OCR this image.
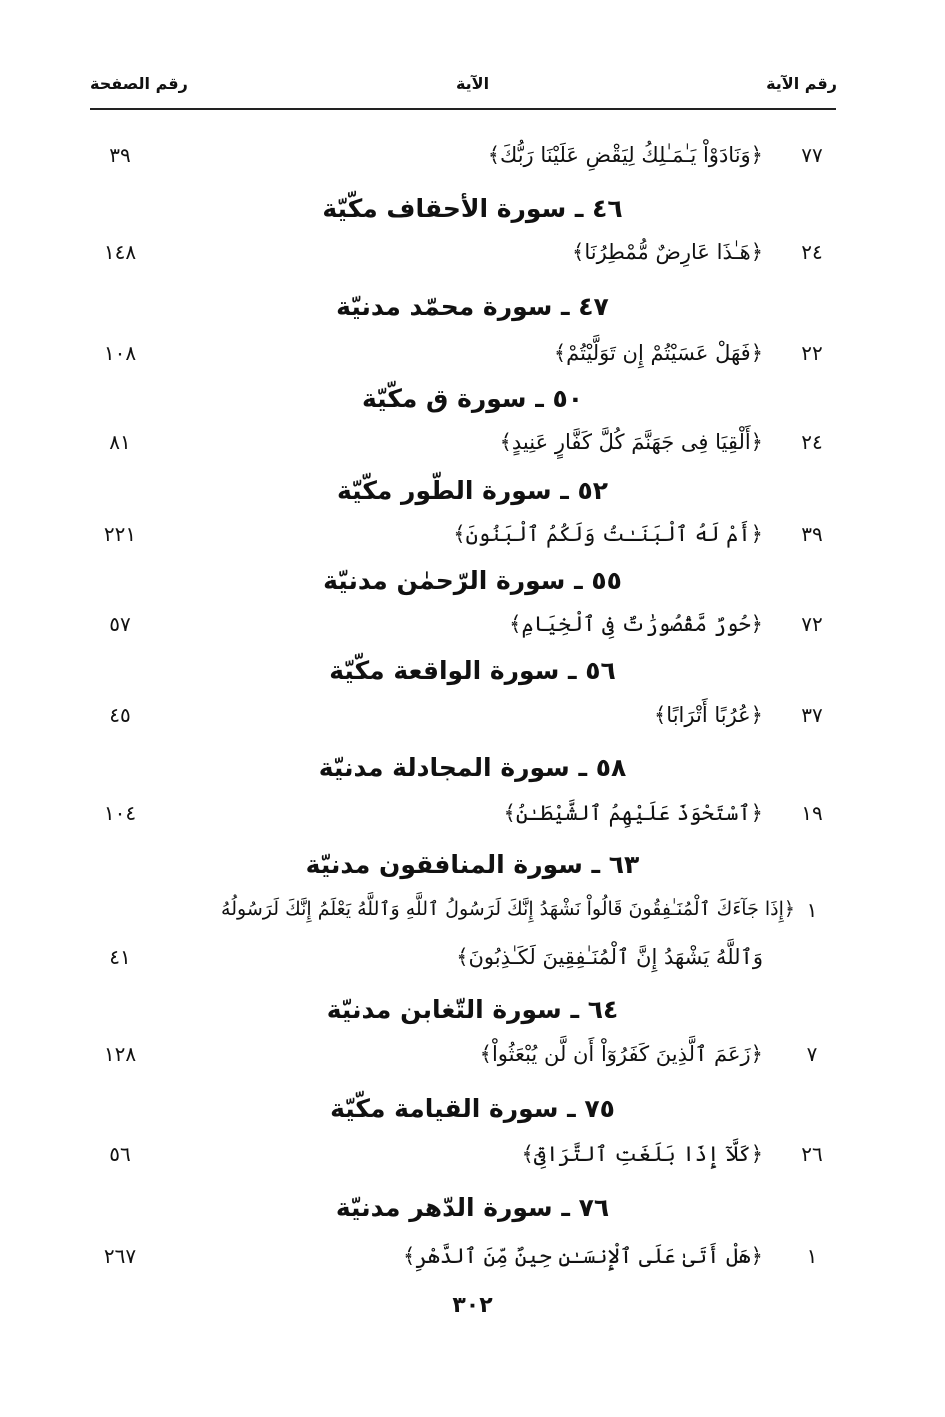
رقم الآية
الآية
رقم الصفحة
٧٧
﴿وَنَادَوْاْ يَـٰمَـٰلِكُ لِيَقْضِ عَلَيْنَا رَبُّكَ﴾
٣٩
٤٦ ـ سورة الأحقاف مكّيّة
٢٤
﴿هَـٰذَا عَارِضٌ مُّمْطِرُنَا﴾
١٤٨
٤٧ ـ سورة محمّد مدنيّة
٢٢
﴿فَهَلْ عَسَيْتُمْ إِن تَوَلَّيْتُمْ﴾
١٠٨
٥٠ ـ سورة ق مكّيّة
٢٤
﴿أَلْقِيَا فِى جَهَنَّمَ كُلَّ كَفَّارٍ عَنِيدٍ﴾
٨١
٥٢ ـ سورة الطّور مكّيّة
٣٩
﴿أَمْ لَهُ ٱلْبَنَـٰتُ وَلَكُمُ ٱلْبَنُونَ﴾
٢٢١
٥٥ ـ سورة الرّحمٰن مدنيّة
٧٢
﴿حُورٌ مَّقْصُورَٰتٌ فِى ٱلْخِيَامِ﴾
٥٧
٥٦ ـ سورة الواقعة مكّيّة
٣٧
﴿عُرُبًا أَتْرَابًا﴾
٤٥
٥٨ ـ سورة المجادلة مدنيّة
١٩
﴿ٱسْتَحْوَذَ عَلَيْهِمُ ٱلشَّيْطَـٰنُ﴾
١٠٤
٦٣ ـ سورة المنافقون مدنيّة
١
﴿إِذَا جَآءَكَ ٱلْمُنَـٰفِقُونَ قَالُواْ نَشْهَدُ إِنَّكَ لَرَسُولُ ٱللَّهِ وَٱللَّهُ يَعْلَمُ إِنَّكَ لَرَسُولُهُ
وَٱللَّهُ يَشْهَدُ إِنَّ ٱلْمُنَـٰفِقِينَ لَكَـٰذِبُونَ﴾
٤١
٦٤ ـ سورة التّغابن مدنيّة
٧
﴿زَعَمَ ٱلَّذِينَ كَفَرُوٓاْ أَن لَّن يُبْعَثُواْ﴾
١٢٨
٧٥ ـ سورة القيامة مكّيّة
٢٦
﴿كَلَّآ إِذَا بَلَغَتِ ٱلتَّرَاقِىَ﴾
٥٦
٧٦ ـ سورة الدّهر مدنيّة
١
﴿هَلْ أَتَىٰ عَلَى ٱلْإِنسَـٰنِ حِينٌ مِّنَ ٱلدَّهْرِ﴾
٢٦٧
٣٠٢
